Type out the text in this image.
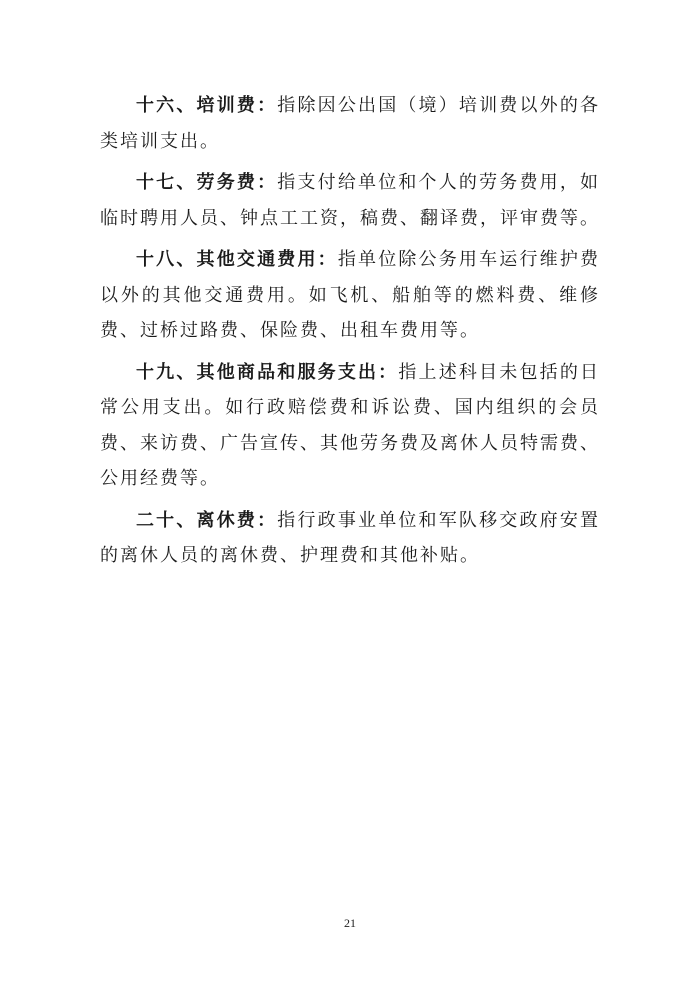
十六、培训费：指除因公出国（境）培训费以外的各类培训支出。

十七、劳务费：指支付给单位和个人的劳务费用，如临时聘用人员、钟点工工资，稿费、翻译费，评审费等。

十八、其他交通费用：指单位除公务用车运行维护费以外的其他交通费用。如飞机、船舶等的燃料费、维修费、过桥过路费、保险费、出租车费用等。

十九、其他商品和服务支出：指上述科目未包括的日常公用支出。如行政赔偿费和诉讼费、国内组织的会员费、来访费、广告宣传、其他劳务费及离休人员特需费、公用经费等。

二十、离休费：指行政事业单位和军队移交政府安置的离休人员的离休费、护理费和其他补贴。

21
